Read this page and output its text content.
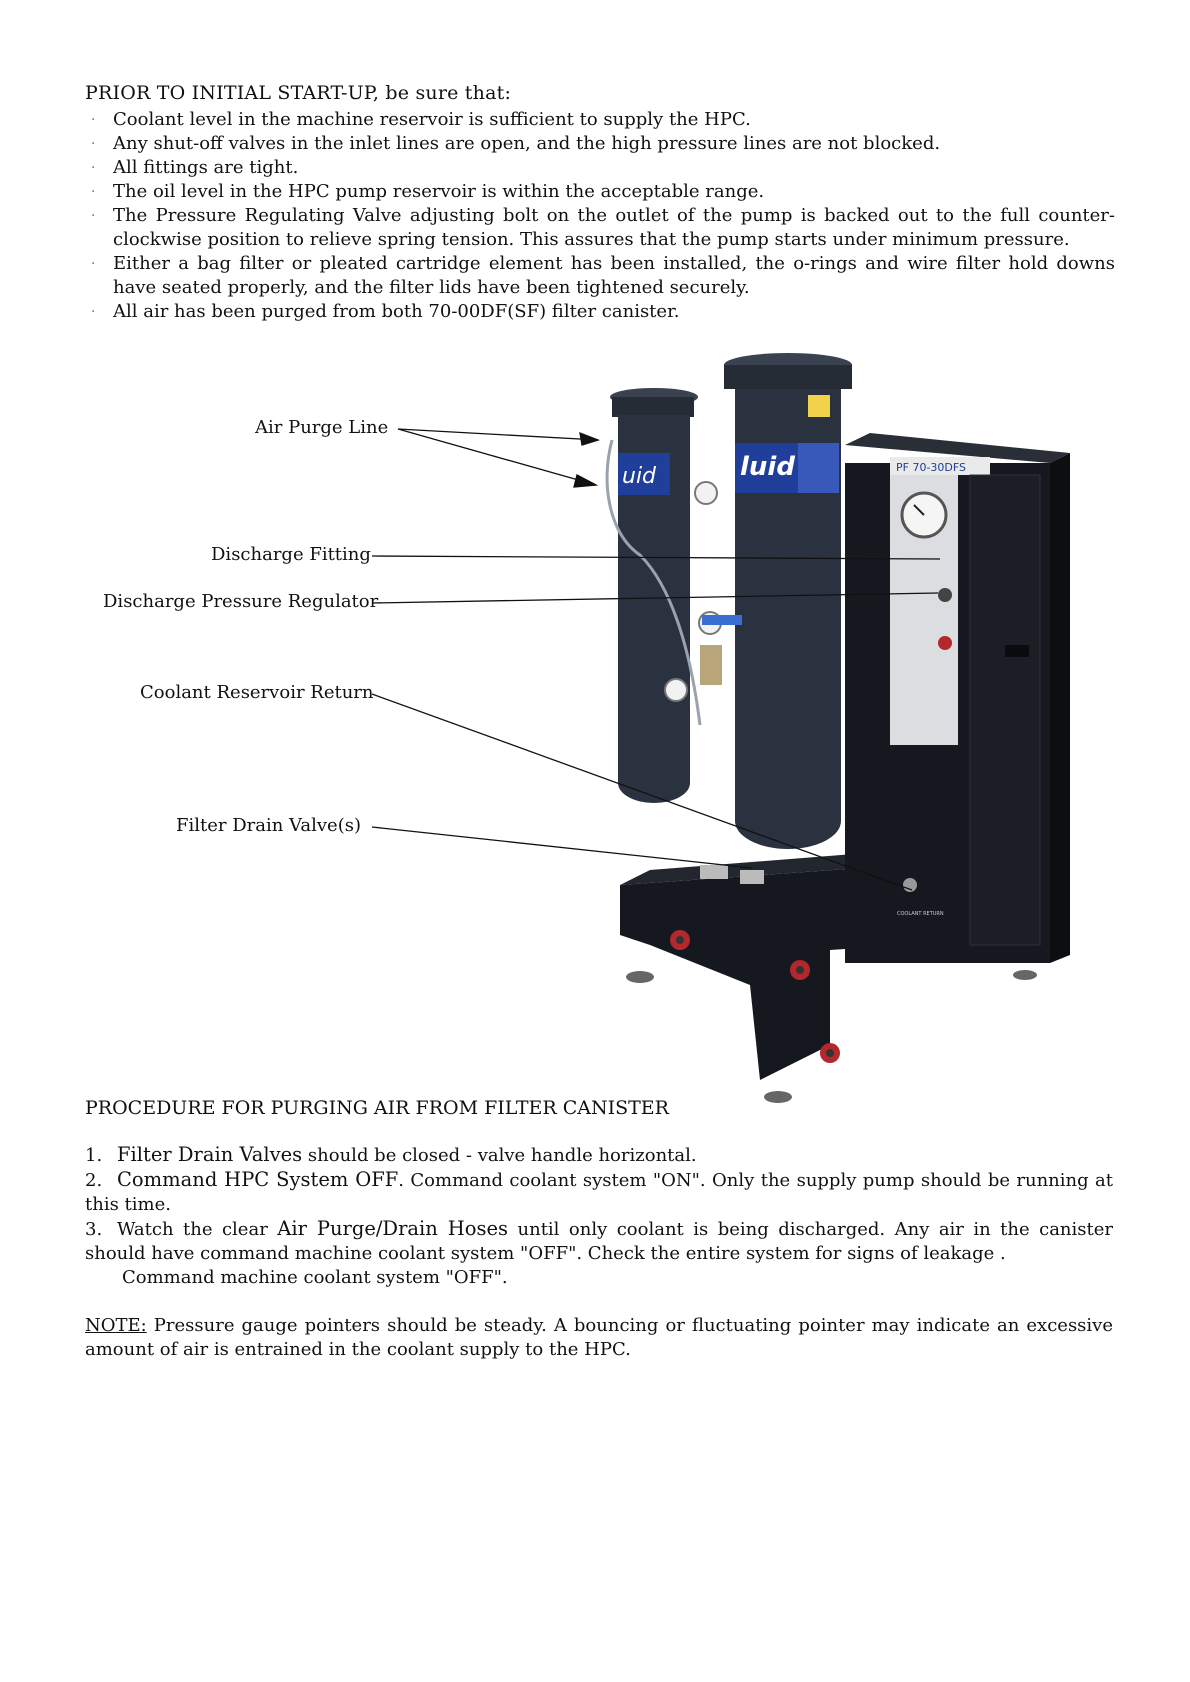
PRIOR TO INITIAL START-UP, be sure that:
· Coolant level in the machine reservoir is sufficient to supply the HPC.
· Any shut-off valves in the inlet lines are open, and the high pressure lines are not blocked.
· All fittings are tight.
· The oil level in the HPC pump reservoir is within the acceptable range.
· The Pressure Regulating Valve adjusting bolt on the outlet of the pump is backed out to the full counter-clockwise position to relieve spring tension. This assures that the pump starts under minimum pressure.
· Either a bag filter or pleated cartridge element has been installed, the o-rings and wire filter hold downs have seated properly, and the filter lids have been tightened securely.
· All air has been purged from both 70-00DF(SF) filter canister.
PF 70-30DFS
COOLANT RETURN
uid	luid
Air Purge Line
Discharge Fitting
Discharge Pressure Regulator
Coolant Reservoir Return
Filter Drain Valve(s)
PROCEDURE FOR PURGING AIR FROM FILTER CANISTER
1. Filter Drain Valves should be closed - valve handle horizontal.
2. Command HPC System OFF. Command coolant system "ON". Only the supply pump should be running at this time.
3. Watch the clear Air Purge/Drain Hoses until only coolant is being discharged. Any air in the canister should have command machine coolant system "OFF". Check the entire system for signs of leakage .
Command machine coolant system "OFF".

NOTE: Pressure gauge pointers should be steady. A bouncing or fluctuating pointer may indicate an excessive amount of air is entrained in the coolant supply to the HPC.
